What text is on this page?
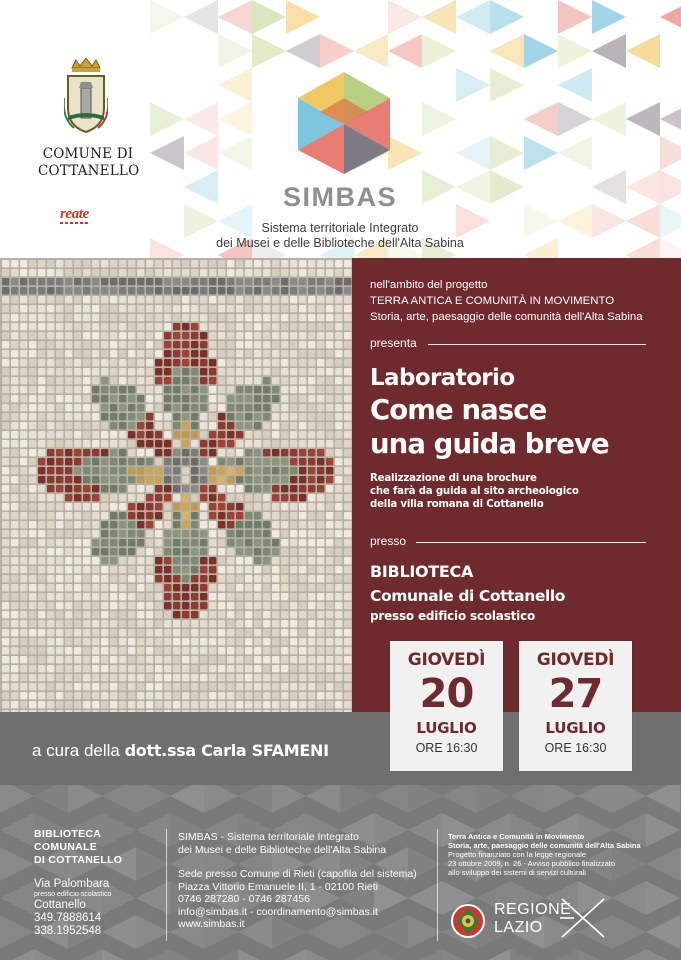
COMUNE DI
COTTANELLO
reate
SIMBAS
Sistema territoriale Integrato
dei Musei e delle Biblioteche dell'Alta Sabina
nell'ambito del progetto
TERRA ANTICA E COMUNITÀ IN MOVIMENTO
Storia, arte, paesaggio delle comunità dell'Alta Sabina
presenta
Laboratorio
Come nasce
una guida breve
Realizzazione di una brochure
che farà da guida al sito archeologico
della villa romana di Cottanello
presso
BIBLIOTECA
Comunale di Cottanello
presso edificio scolastico
a cura della dott.ssa Carla SFAMENI
GIOVEDÌ
20
LUGLIO
ORE 16:30
GIOVEDÌ
27
LUGLIO
ORE 16:30
BIBLIOTECA
COMUNALE
DI COTTANELLO
Via Palombara
presso edificio scolastico
Cottanello
349.7888614
338.1952548
SIMBAS - Sistema territoriale Integrato
dei Musei e delle Biblioteche dell'Alta Sabina
Sede presso Comune di Rieti (capofila del sistema)
Piazza Vittorio Emanuele II, 1 - 02100 Rieti
0746 287280 - 0746 287456
info@simbas.it - coordinamento@simbas.it
www.simbas.it
Terra Antica e Comunità in Movimento
Storia, arte, paesaggio delle comunità dell'Alta Sabina
Progetto finanziato con la legge regionale
23 ottobre 2009, n. 26 - Avviso pubblico finalizzato
allo sviluppo dei sistemi di servizi culturali
REGIONE
LAZIO
